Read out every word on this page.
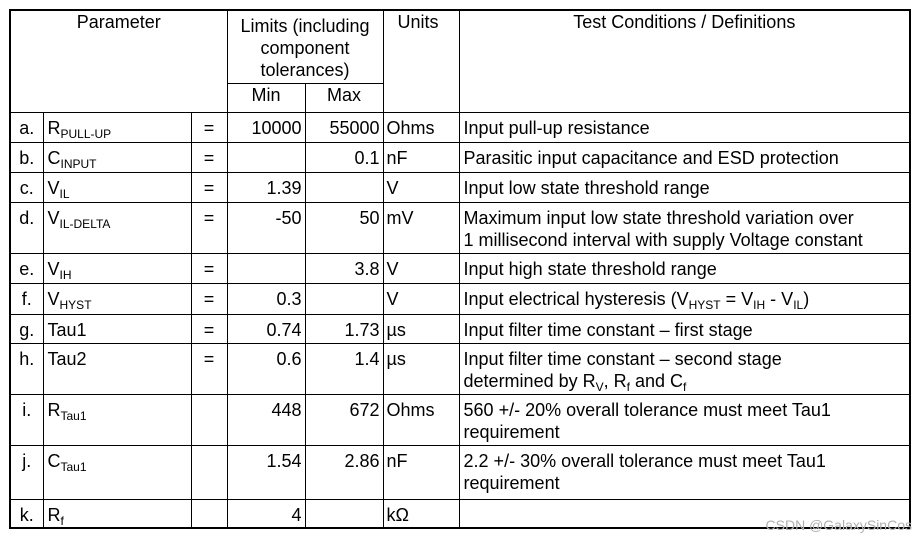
Parameter			Limits (including component tolerances)		Units	Test Conditions / Definitions
			Min	Max		
a.	$R_{PULL-UP}$	=	10000	55000	Ohms	Input pull-up resistance
b.	$C_{INPUT}$	=		0.1	nF	Parasitic input capacitance and ESD protection
c.	$V_{IL}$	=	1.39		V	Input low state threshold range
d.	$V_{IL-DELTA}$	=	-50	50	mV	Maximum input low state threshold variation over
1 millisecond interval with supply Voltage constant

e.	$V_{IH}$	=		3.8	V	Input high state threshold range
f.	$V_{HYST}$	=	0.3		V	Input electrical hysteresis $(V_{HYST} = V_{IH} - V_{IL})$
g.	Tau1	=	0.74	1.73	µs	Input filter time constant – first stage
h.	Tau2	=	0.6	1.4	µs	Input filter time constant – second stage
determined by $R_V$, $R_f$ and $C_f$

i.	$R_{Tau1}$		448	672	Ohms	560 +/- 20% overall tolerance must meet Tau1
requirement

j.	$C_{Tau1}$		1.54	2.86	nF	2.2 +/- 30% overall tolerance must meet Tau1
requirement

k.	$R_f$		4		kΩ		CSDN @GalaxySinCos
